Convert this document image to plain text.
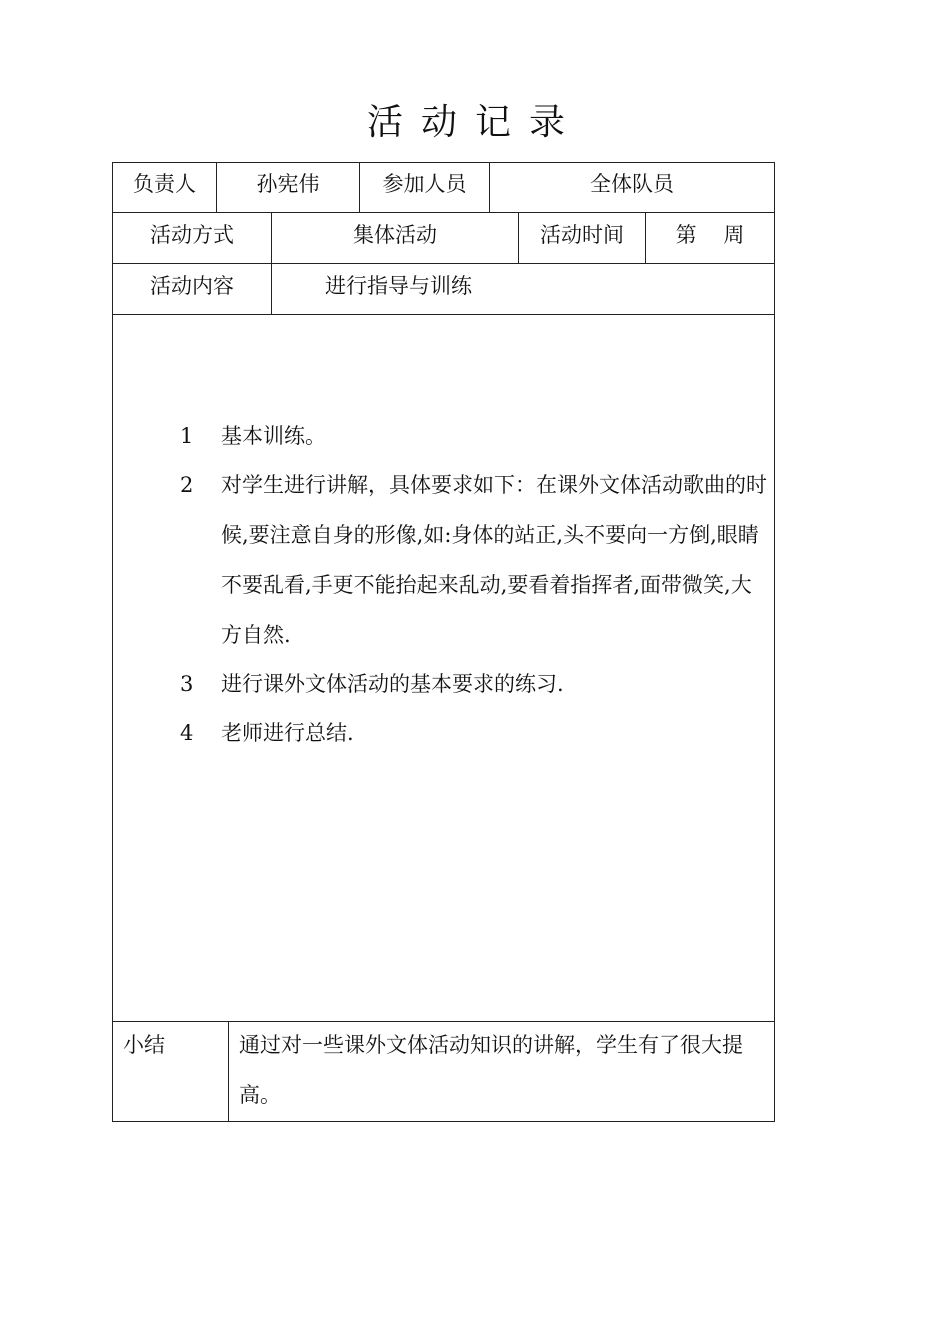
活动记录
负责人	孙宪伟	参加人员	全体队员
活动方式	集体活动	活动时间	第    周
活动内容	进行指导与训练
1 基本训练。
2 对学生进行讲解，具体要求如下：在课外文体活动歌曲的时候,要注意自身的形像,如:身体的站正,头不要向一方倒,眼睛不要乱看,手更不能抬起来乱动,要看着指挥者,面带微笑,大方自然.
3 进行课外文体活动的基本要求的练习.
4 老师进行总结.
小结	通过对一些课外文体活动知识的讲解，学生有了很大提高。
